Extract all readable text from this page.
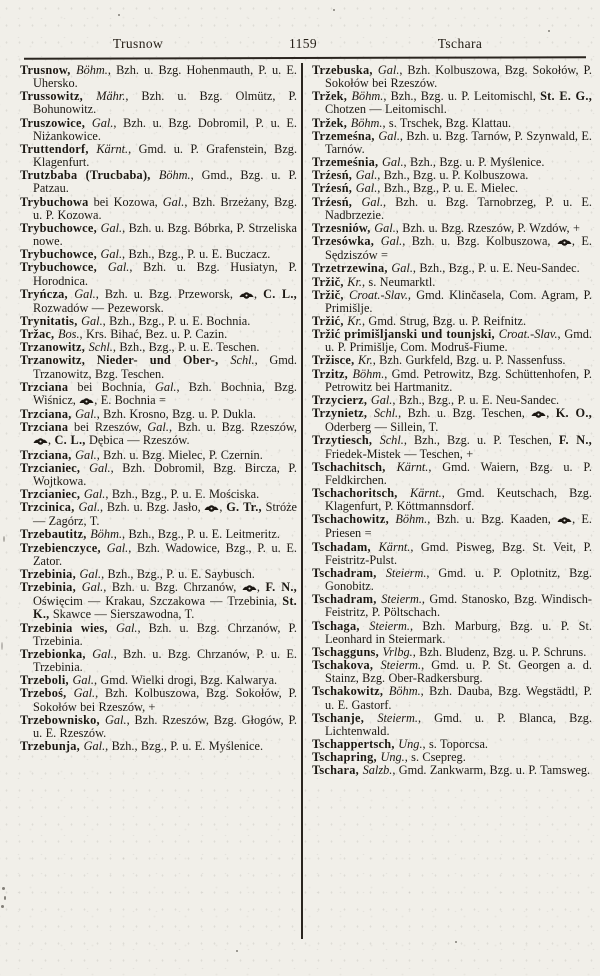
Trusnow	1159	Tschara

Trusnow, Böhm., Bzh. u. Bzg. Hohenmauth, P. u. E. Uhersko.

Trussowitz, Mähr., Bzh. u. Bzg. Olmütz, P. Bohunowitz.

Truszowice, Gal., Bzh. u. Bzg. Dobromil, P. u. E. Niżankowice.

Truttendorf, Kärnt., Gmd. u. P. Grafenstein, Bzg. Klagenfurt.

Trutzbaba (Trucbaba), Böhm., Gmd., Bzg. u. P. Patzau.

Trybuchowa bei Kozowa, Gal., Bzh. Brzeżany, Bzg. u. P. Kozowa.

Trybuchowce, Gal., Bzh. u. Bzg. Bóbrka, P. Strzeliska nowe.

Trybuchowce, Gal., Bzh., Bzg., P. u. E. Buczacz.

Trybuchowce, Gal., Bzh. u. Bzg. Husiatyn, P. Horodnica.

Tryńcza, Gal., Bzh. u. Bzg. Przeworsk, , C. L., Rozwadów — Pezeworsk.

Trynitatis, Gal., Bzh., Bzg., P. u. E. Bochnia.

Tržac, Bos., Krs. Bihać, Bez. u. P. Cazin.

Trzanowitz, Schl., Bzh., Bzg., P. u. E. Teschen.

Trzanowitz, Nieder- und Ober-, Schl., Gmd. Trzanowitz, Bzg. Teschen.

Trzciana bei Bochnia, Gal., Bzh. Bochnia, Bzg. Wiśnicz, , E. Bochnia =

Trzciana, Gal., Bzh. Krosno, Bzg. u. P. Dukla.

Trzciana bei Rzeszów, Gal., Bzh. u. Bzg. Rzeszów, , C. L., Dębica — Rzeszów.

Trzciana, Gal., Bzh. u. Bzg. Mielec, P. Czernin.

Trzcianiec, Gal., Bzh. Dobromil, Bzg. Bircza, P. Wojtkowa.

Trzcianiec, Gal., Bzh., Bzg., P. u. E. Mościska.

Trzcinica, Gal., Bzh. u. Bzg. Jasło, , G. Tr., Stróże — Zagórz, T.

Trzebautitz, Böhm., Bzh., Bzg., P. u. E. Leitmeritz.

Trzebienczyce, Gal., Bzh. Wadowice, Bzg., P. u. E. Zator.

Trzebinia, Gal., Bzh., Bzg., P. u. E. Saybusch.

Trzebinia, Gal., Bzh. u. Bzg. Chrzanów, , F. N., Oświęcim — Krakau, Szczakowa — Trzebinia, St. K., Skawce — Sierszawodna, T.

Trzebinia wies, Gal., Bzh. u. Bzg. Chrzanów, P. Trzebinia.

Trzebionka, Gal., Bzh. u. Bzg. Chrzanów, P. u. E. Trzebinia.

Trzeboli, Gal., Gmd. Wielki drogi, Bzg. Kalwarya.

Trzeboś, Gal., Bzh. Kolbuszowa, Bzg. Sokołów, P. Sokołów bei Rzeszów, +

Trzebownisko, Gal., Bzh. Rzeszów, Bzg. Głogów, P. u. E. Rzeszów.

Trzebunja, Gal., Bzh., Bzg., P. u. E. Myślenice.

Trzebuska, Gal., Bzh. Kolbuszowa, Bzg. Sokołów, P. Sokołów bei Rzeszów.

Tržek, Böhm., Bzh., Bzg. u. P. Leitomischl, St. E. G., Chotzen — Leitomischl.

Tržek, Böhm., s. Trschek, Bzg. Klattau.

Trzemeśna, Gal., Bzh. u. Bzg. Tarnów, P. Szynwald, E. Tarnów.

Trzemeśnia, Gal., Bzh., Bzg. u. P. Myślenice.

Trźesń, Gal., Bzh., Bzg. u. P. Kolbuszowa.

Trźesń, Gal., Bzh., Bzg., P. u. E. Mielec.

Trźesń, Gal., Bzh. u. Bzg. Tarnobrzeg, P. u. E. Nadbrzezie.

Trzesniów, Gal., Bzh. u. Bzg. Rzeszów, P. Wzdów, +

Trzesówka, Gal., Bzh. u. Bzg. Kolbuszowa, , E. Sędziszów =

Trzetrzewina, Gal., Bzh., Bzg., P. u. E. Neu-Sandec.

Tržič, Kr., s. Neumarktl.

Tržič, Croat.-Slav., Gmd. Klinčasela, Com. Agram, P. Primišlje.

Tržić, Kr., Gmd. Strug, Bzg. u. P. Reifnitz.

Tržić primišljanski und tounjski, Croat.-Slav., Gmd. u. P. Primišlje, Com. Modruš-Fiume.

Tržisce, Kr., Bzh. Gurkfeld, Bzg. u. P. Nassenfuss.

Trzitz, Böhm., Gmd. Petrowitz, Bzg. Schüttenhofen, P. Petrowitz bei Hartmanitz.

Trzycierz, Gal., Bzh., Bzg., P. u. E. Neu-Sandec.

Trzynietz, Schl., Bzh. u. Bzg. Teschen, , K. O., Oderberg — Sillein, T.

Trzytiesch, Schl., Bzh., Bzg. u. P. Teschen, F. N., Friedek-Mistek — Teschen, +

Tschachitsch, Kärnt., Gmd. Waiern, Bzg. u. P. Feldkirchen.

Tschachoritsch, Kärnt., Gmd. Keutschach, Bzg. Klagenfurt, P. Köttmannsdorf.

Tschachowitz, Böhm., Bzh. u. Bzg. Kaaden, , E. Priesen =

Tschadam, Kärnt., Gmd. Pisweg, Bzg. St. Veit, P. Feistritz-Pulst.

Tschadram, Steierm., Gmd. u. P. Oplotnitz, Bzg. Gonobitz.

Tschadram, Steierm., Gmd. Stanosko, Bzg. Windisch-Feistritz, P. Pöltschach.

Tschaga, Steierm., Bzh. Marburg, Bzg. u. P. St. Leonhard in Steiermark.

Tschagguns, Vrlbg., Bzh. Bludenz, Bzg. u. P. Schruns.

Tschakova, Steierm., Gmd. u. P. St. Georgen a. d. Stainz, Bzg. Ober-Radkersburg.

Tschakowitz, Böhm., Bzh. Dauba, Bzg. Wegstädtl, P. u. E. Gastorf.

Tschanje, Steierm., Gmd. u. P. Blanca, Bzg. Lichtenwald.

Tschappertsch, Ung., s. Toporcsa.

Tschapring, Ung., s. Csepreg.

Tschara, Salzb., Gmd. Zankwarm, Bzg. u. P. Tamsweg.
